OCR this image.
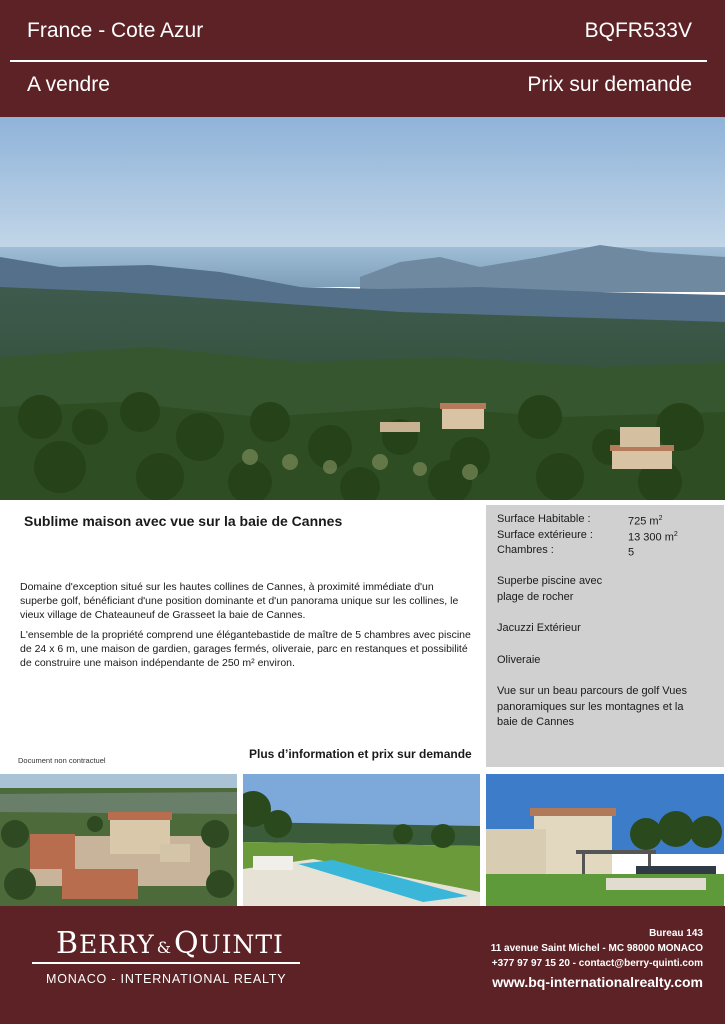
France - Cote Azur	BQFR533V
A vendre	Prix sur demande
Sublime maison avec vue sur la baie de Cannes

Domaine d'exception situé sur les hautes collines de Cannes, à proximité immédiate d'un superbe golf, bénéficiant d'une position dominante et d'un panorama unique sur les collines, le vieux village de Chateauneuf de Grasseet la baie de Cannes.

L'ensemble de la propriété comprend une élégantebastide de maître de 5 chambres avec piscine de 24 x 6 m, une maison de gardien, garages fermés, oliveraie, parc en restanques et possibilité de construire une maison indépendante de 250 m² environ.

Document non contractuel	Plus d’information et prix sur demande
Surface Habitable :	725 $m^2$
Surface extérieure :	13 300 $m^2$
Chambres :	5
Superbe piscine avec plage de rocher
Jacuzzi Extérieur
Oliveraie
Vue sur un beau parcours de golf Vues panoramiques sur les montagnes et la baie de Cannes
BERRY &QUINTI
MONACO - INTERNATIONAL REALTY
Bureau 143
11 avenue Saint Michel - MC 98000 MONACO
+377 97 97 15 20 - contact@berry-quinti.com
www.bq-internationalrealty.com
